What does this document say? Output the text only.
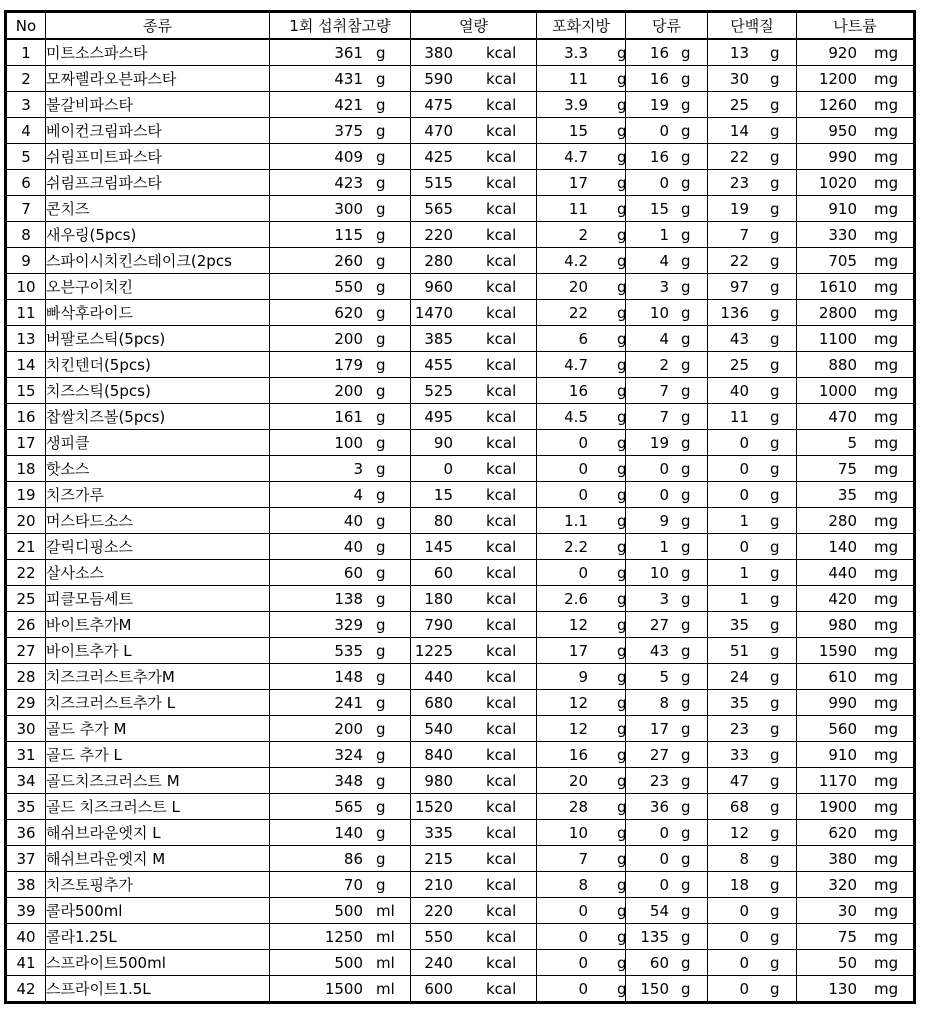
No	종류	1회 섭취참고량	열량	포화지방	당류	단백질	나트륨
1	미트소스파스타	361 g	380 kcal	3.3 g	16 g	13 g	920 mg

2	모짜렐라오븐파스타	431 g	590 kcal	11 g	16 g	30 g	1200 mg

3	불갈비파스타	421 g	475 kcal	3.9 g	19 g	25 g	1260 mg

4	베이컨크림파스타	375 g	470 kcal	15 g	0 g	14 g	950 mg

5	쉬림프미트파스타	409 g	425 kcal	4.7 g	16 g	22 g	990 mg

6	쉬림프크림파스타	423 g	515 kcal	17 g	0 g	23 g	1020 mg

7	콘치즈	300 g	565 kcal	11 g	15 g	19 g	910 mg

8	새우링(5pcs)	115 g	220 kcal	2 g	1 g	7 g	330 mg

9	스파이시치킨스테이크(2pcs	260 g	280 kcal	4.2 g	4 g	22 g	705 mg

10	오븐구이치킨	550 g	960 kcal	20 g	3 g	97 g	1610 mg

11	빠삭후라이드	620 g	1470 kcal	22 g	10 g	136 g	2800 mg

13	버팔로스틱(5pcs)	200 g	385 kcal	6 g	4 g	43 g	1100 mg

14	치킨텐더(5pcs)	179 g	455 kcal	4.7 g	2 g	25 g	880 mg

15	치즈스틱(5pcs)	200 g	525 kcal	16 g	7 g	40 g	1000 mg

16	찹쌀치즈볼(5pcs)	161 g	495 kcal	4.5 g	7 g	11 g	470 mg

17	생피클	100 g	90 kcal	0 g	19 g	0 g	5 mg

18	핫소스	3 g	0 kcal	0 g	0 g	0 g	75 mg

19	치즈가루	4 g	15 kcal	0 g	0 g	0 g	35 mg

20	머스타드소스	40 g	80 kcal	1.1 g	9 g	1 g	280 mg

21	갈릭디핑소스	40 g	145 kcal	2.2 g	1 g	0 g	140 mg

22	살사소스	60 g	60 kcal	0 g	10 g	1 g	440 mg

25	피클모듬세트	138 g	180 kcal	2.6 g	3 g	1 g	420 mg

26	바이트추가M	329 g	790 kcal	12 g	27 g	35 g	980 mg

27	바이트추가 L	535 g	1225 kcal	17 g	43 g	51 g	1590 mg

28	치즈크러스트추가M	148 g	440 kcal	9 g	5 g	24 g	610 mg

29	치즈크러스트추가 L	241 g	680 kcal	12 g	8 g	35 g	990 mg

30	골드 추가 M	200 g	540 kcal	12 g	17 g	23 g	560 mg

31	골드 추가 L	324 g	840 kcal	16 g	27 g	33 g	910 mg

34	골드치즈크러스트 M	348 g	980 kcal	20 g	23 g	47 g	1170 mg

35	골드 치즈크러스트 L	565 g	1520 kcal	28 g	36 g	68 g	1900 mg

36	해쉬브라운엣지 L	140 g	335 kcal	10 g	0 g	12 g	620 mg

37	해쉬브라운엣지 M	86 g	215 kcal	7 g	0 g	8 g	380 mg

38	치즈토핑추가	70 g	210 kcal	8 g	0 g	18 g	320 mg

39	콜라500ml	500 ml	220 kcal	0 g	54 g	0 g	30 mg

40	콜라1.25L	1250 ml	550 kcal	0 g	135 g	0 g	75 mg

41	스프라이트500ml	500 ml	240 kcal	0 g	60 g	0 g	50 mg

42	스프라이트1.5L	1500 ml	600 kcal	0 g	150 g	0 g	130 mg
